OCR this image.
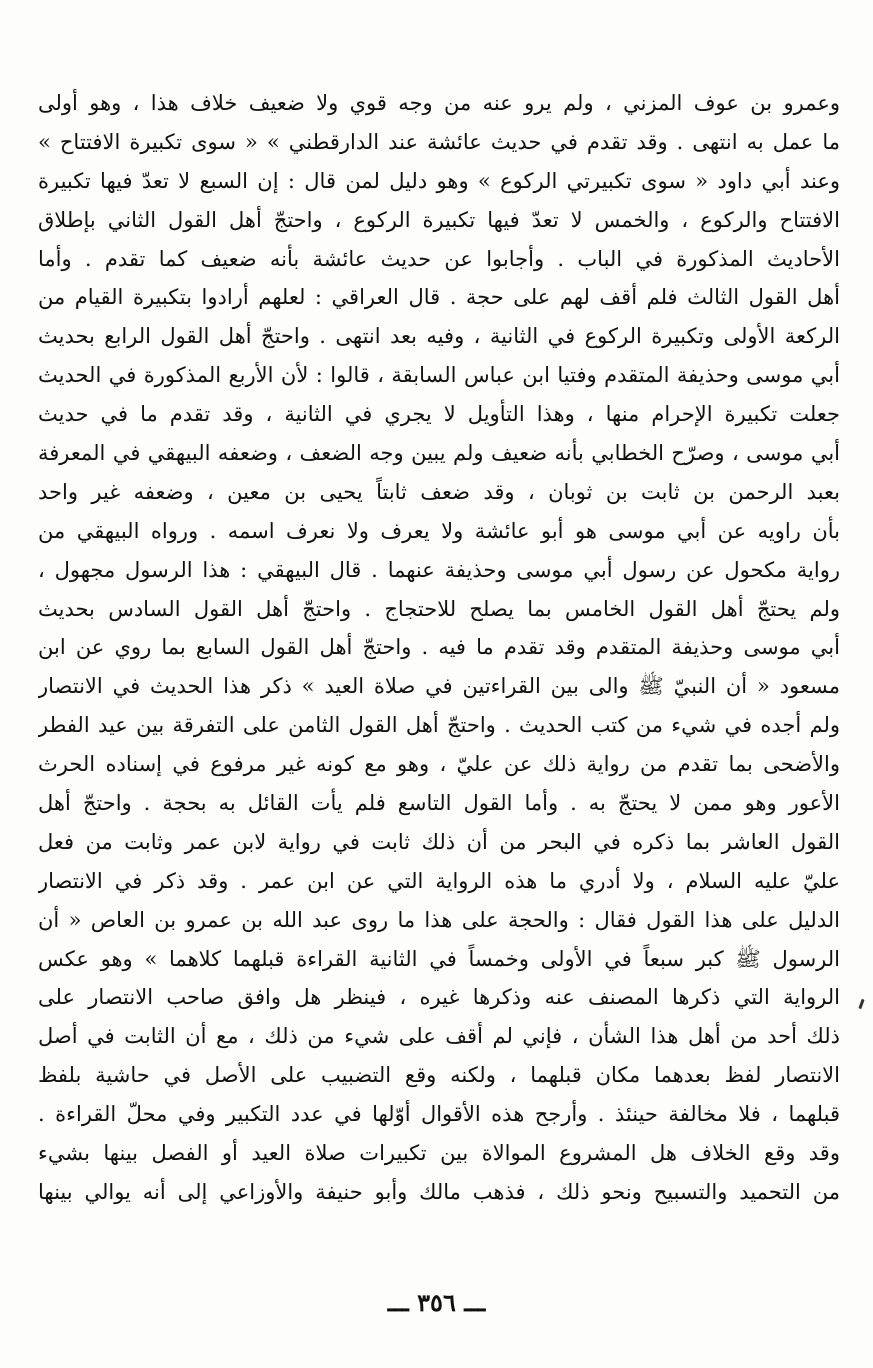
وعمرو بن عوف المزني ، ولم يرو عنه من وجه قوي ولا ضعيف خلاف هذا ، وهو أولى
ما عمل به انتهى . وقد تقدم في حديث عائشة عند الدارقطني » « سوى تكبيرة الافتتاح »
وعند أبي داود « سوى تكبيرتي الركوع » وهو دليل لمن قال : إن السبع لا تعدّ فيها تكبيرة
الافتتاح والركوع ، والخمس لا تعدّ فيها تكبيرة الركوع ، واحتجّ أهل القول الثاني بإطلاق
الأحاديث المذكورة في الباب . وأجابوا عن حديث عائشة بأنه ضعيف كما تقدم . وأما
أهل القول الثالث فلم أقف لهم على حجة . قال العراقي : لعلهم أرادوا بتكبيرة القيام من
الركعة الأولى وتكبيرة الركوع في الثانية ، وفيه بعد انتهى . واحتجّ أهل القول الرابع بحديث
أبي موسى وحذيفة المتقدم وفتيا ابن عباس السابقة ، قالوا : لأن الأربع المذكورة في الحديث
جعلت تكبيرة الإحرام منها ، وهذا التأويل لا يجري في الثانية ، وقد تقدم ما في حديث
أبي موسى ، وصرّح الخطابي بأنه ضعيف ولم يبين وجه الضعف ، وضعفه البيهقي في المعرفة
بعبد الرحمن بن ثابت بن ثوبان ، وقد ضعف ثابتاً يحيى بن معين ، وضعفه غير واحد
بأن راويه عن أبي موسى هو أبو عائشة ولا يعرف ولا نعرف اسمه . ورواه البيهقي من
رواية مكحول عن رسول أبي موسى وحذيفة عنهما . قال البيهقي : هذا الرسول مجهول ،
ولم يحتجّ أهل القول الخامس بما يصلح للاحتجاج . واحتجّ أهل القول السادس بحديث
أبي موسى وحذيفة المتقدم وقد تقدم ما فيه . واحتجّ أهل القول السابع بما روي عن ابن
مسعود « أن النبيّ ﷺ والى بين القراءتين في صلاة العيد » ذكر هذا الحديث في الانتصار
ولم أجده في شيء من كتب الحديث . واحتجّ أهل القول الثامن على التفرقة بين عيد الفطر
والأضحى بما تقدم من رواية ذلك عن عليّ ، وهو مع كونه غير مرفوع في إسناده الحرث
الأعور وهو ممن لا يحتجّ به . وأما القول التاسع فلم يأت القائل به بحجة . واحتجّ أهل
القول العاشر بما ذكره في البحر من أن ذلك ثابت في رواية لابن عمر وثابت من فعل
عليّ عليه السلام ، ولا أدري ما هذه الرواية التي عن ابن عمر . وقد ذكر في الانتصار
الدليل على هذا القول فقال : والحجة على هذا ما روى عبد الله بن عمرو بن العاص « أن
الرسول ﷺ كبر سبعاً في الأولى وخمساً في الثانية القراءة قبلهما كلاهما » وهو عكس
الرواية التي ذكرها المصنف عنه وذكرها غيره ، فينظر هل وافق صاحب الانتصار على
ذلك أحد من أهل هذا الشأن ، فإني لم أقف على شيء من ذلك ، مع أن الثابت في أصل
الانتصار لفظ بعدهما مكان قبلهما ، ولكنه وقع التضبيب على الأصل في حاشية بلفظ
قبلهما ، فلا مخالفة حينئذ . وأرجح هذه الأقوال أوّلها في عدد التكبير وفي محلّ القراءة .
وقد وقع الخلاف هل المشروع الموالاة بين تكبيرات صلاة العيد أو الفصل بينها بشيء
من التحميد والتسبيح ونحو ذلك ، فذهب مالك وأبو حنيفة والأوزاعي إلى أنه يوالي بينها
ـــ ٣٥٦ ـــ
